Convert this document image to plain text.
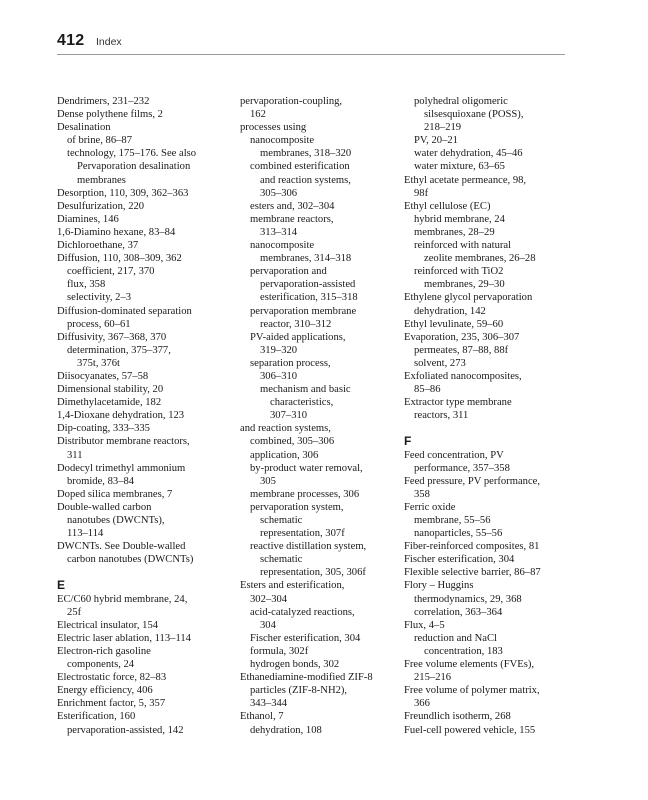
412 Index
Dendrimers, 231–232
Dense polythene films, 2
Desalination
of brine, 86–87
technology, 175–176. See also
Pervaporation desalination
membranes
Desorption, 110, 309, 362–363
Desulfurization, 220
Diamines, 146
1,6-Diamino hexane, 83–84
Dichloroethane, 37
Diffusion, 110, 308–309, 362
coefficient, 217, 370
flux, 358
selectivity, 2–3
Diffusion-dominated separation
process, 60–61
Diffusivity, 367–368, 370
determination, 375–377,
375t, 376t
Diisocyanates, 57–58
Dimensional stability, 20
Dimethylacetamide, 182
1,4-Dioxane dehydration, 123
Dip-coating, 333–335
Distributor membrane reactors,
311
Dodecyl trimethyl ammonium
bromide, 83–84
Doped silica membranes, 7
Double-walled carbon
nanotubes (DWCNTs),
113–114
DWCNTs. See Double-walled
carbon nanotubes (DWCNTs)
E
EC/C60 hybrid membrane, 24,
25f
Electrical insulator, 154
Electric laser ablation, 113–114
Electron-rich gasoline
components, 24
Electrostatic force, 82–83
Energy efficiency, 406
Enrichment factor, 5, 357
Esterification, 160
pervaporation-assisted, 142
pervaporation-coupling,
162
processes using
nanocomposite
membranes, 318–320
combined esterification
and reaction systems,
305–306
esters and, 302–304
membrane reactors,
313–314
nanocomposite
membranes, 314–318
pervaporation and
pervaporation-assisted
esterification, 315–318
pervaporation membrane
reactor, 310–312
PV-aided applications,
319–320
separation process,
306–310
mechanism and basic
characteristics,
307–310
and reaction systems,
combined, 305–306
application, 306
by-product water removal,
305
membrane processes, 306
pervaporation system,
schematic
representation, 307f
reactive distillation system,
schematic
representation, 305, 306f
Esters and esterification,
302–304
acid-catalyzed reactions,
304
Fischer esterification, 304
formula, 302f
hydrogen bonds, 302
Ethanediamine-modified ZIF-8
particles (ZIF-8-NH2),
343–344
Ethanol, 7
dehydration, 108
polyhedral oligomeric
silsesquioxane (POSS),
218–219
PV, 20–21
water dehydration, 45–46
water mixture, 63–65
Ethyl acetate permeance, 98,
98f
Ethyl cellulose (EC)
hybrid membrane, 24
membranes, 28–29
reinforced with natural
zeolite membranes, 26–28
reinforced with TiO2
membranes, 29–30
Ethylene glycol pervaporation
dehydration, 142
Ethyl levulinate, 59–60
Evaporation, 235, 306–307
permeates, 87–88, 88f
solvent, 273
Exfoliated nanocomposites,
85–86
Extractor type membrane
reactors, 311
F
Feed concentration, PV
performance, 357–358
Feed pressure, PV performance,
358
Ferric oxide
membrane, 55–56
nanoparticles, 55–56
Fiber-reinforced composites, 81
Fischer esterification, 304
Flexible selective barrier, 86–87
Flory – Huggins
thermodynamics, 29, 368
correlation, 363–364
Flux, 4–5
reduction and NaCl
concentration, 183
Free volume elements (FVEs),
215–216
Free volume of polymer matrix,
366
Freundlich isotherm, 268
Fuel-cell powered vehicle, 155
